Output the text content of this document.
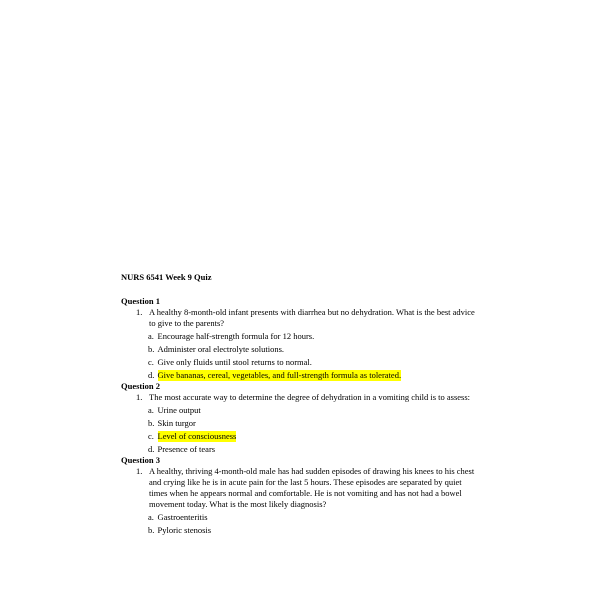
NURS 6541 Week 9 Quiz
Question 1
1. A healthy 8-month-old infant presents with diarrhea but no dehydration. What is the best advice to give to the parents?
a. Encourage half-strength formula for 12 hours.
b. Administer oral electrolyte solutions.
c. Give only fluids until stool returns to normal.
d. Give bananas, cereal, vegetables, and full-strength formula as tolerated.
Question 2
1. The most accurate way to determine the degree of dehydration in a vomiting child is to assess:
a. Urine output
b. Skin turgor
c. Level of consciousness
d. Presence of tears
Question 3
1. A healthy, thriving 4-month-old male has had sudden episodes of drawing his knees to his chest and crying like he is in acute pain for the last 5 hours. These episodes are separated by quiet times when he appears normal and comfortable. He is not vomiting and has not had a bowel movement today. What is the most likely diagnosis?
a. Gastroenteritis
b. Pyloric stenosis
